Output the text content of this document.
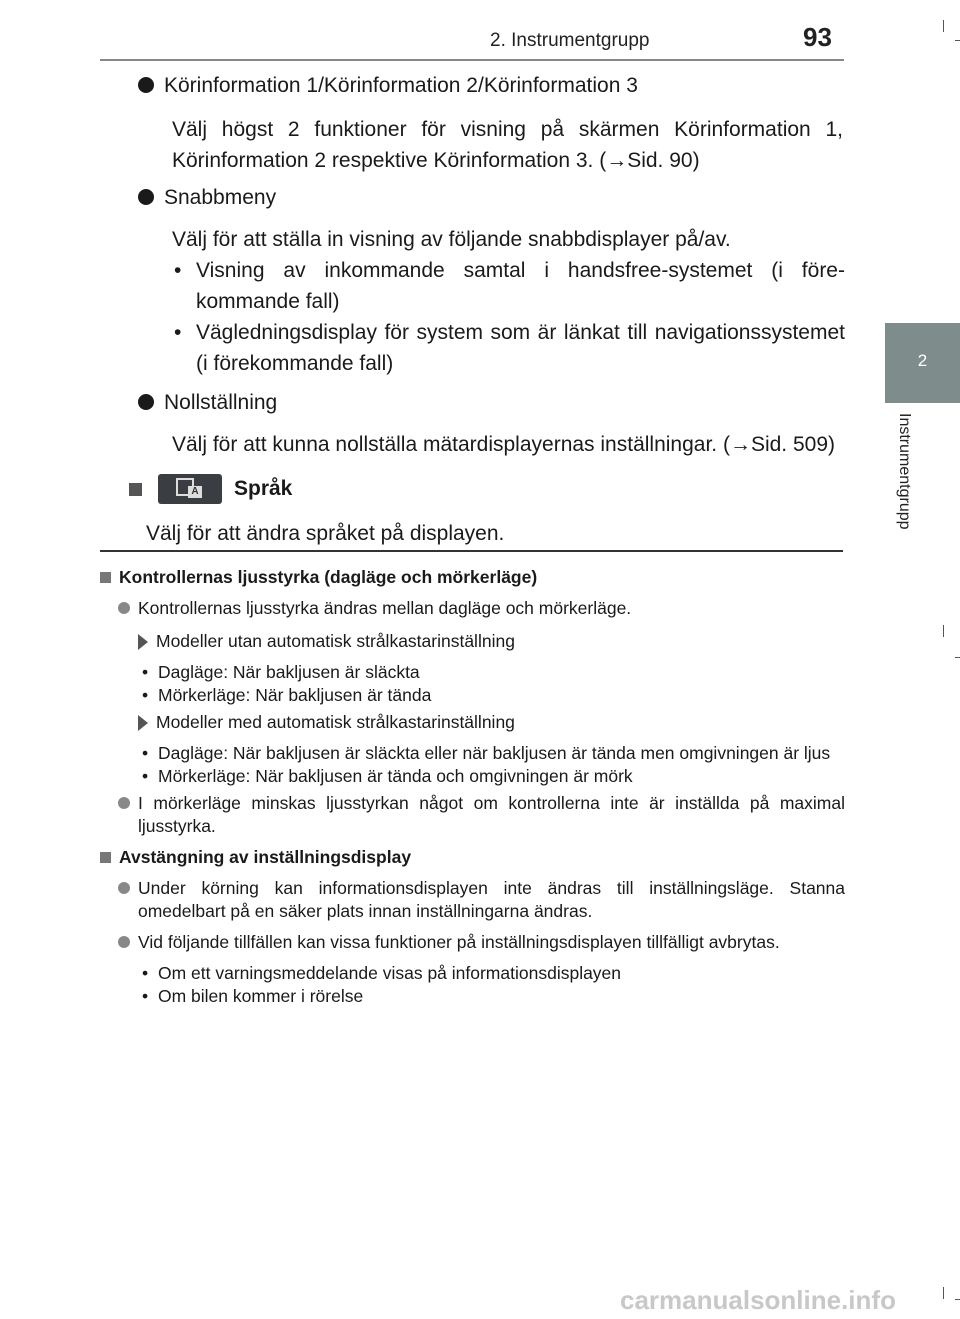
2. Instrumentgrupp	93
2
Instrumentgrupp
Körinformation 1/Körinformation 2/Körinformation 3
Välj högst 2 funktioner för visning på skärmen Körinformation 1, Körinformation 2 respektive Körinformation 3. (→Sid. 90)
Snabbmeny
Välj för att ställa in visning av följande snabbdisplayer på/av.
• Visning av inkommande samtal i handsfree-systemet (i förekommande fall)
• Vägledningsdisplay för system som är länkat till navigationssystemet (i förekommande fall)
Nollställning
Välj för att kunna nollställa mätardisplayernas inställningar. (→Sid. 509)
A Språk
Välj för att ändra språket på displayen.
Kontrollernas ljusstyrka (dagläge och mörkerläge)
Kontrollernas ljusstyrka ändras mellan dagläge och mörkerläge.
Modeller utan automatisk strålkastarinställning
• Dagläge: När bakljusen är släckta
• Mörkerläge: När bakljusen är tända
Modeller med automatisk strålkastarinställning
• Dagläge: När bakljusen är släckta eller när bakljusen är tända men omgivningen är ljus
• Mörkerläge: När bakljusen är tända och omgivningen är mörk
I mörkerläge minskas ljusstyrkan något om kontrollerna inte är inställda på maximal ljusstyrka.
Avstängning av inställningsdisplay
Under körning kan informationsdisplayen inte ändras till inställningsläge. Stanna omedelbart på en säker plats innan inställningarna ändras.
Vid följande tillfällen kan vissa funktioner på inställningsdisplayen tillfälligt avbrytas.
• Om ett varningsmeddelande visas på informationsdisplayen
• Om bilen kommer i rörelse
carmanualsonline.info
